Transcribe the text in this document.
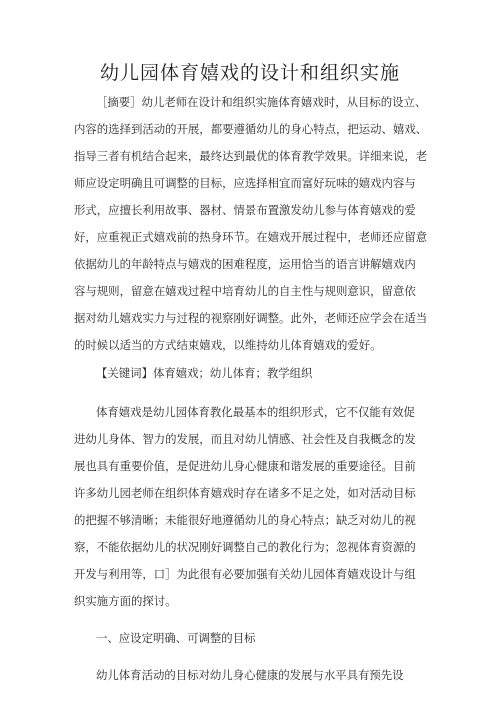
幼儿园体育嬉戏的设计和组织实施
［摘要］幼儿老师在设计和组织实施体育嬉戏时，从目标的设立、
内容的选择到活动的开展，都要遵循幼儿的身心特点，把运动、嬉戏、
指导三者有机结合起来，最终达到最优的体育教学效果。详细来说，老
师应设定明确且可调整的目标，应选择相宜而富好玩味的嬉戏内容与
形式，应擅长利用故事、器材、情景布置激发幼儿参与体育嬉戏的爱
好，应重视正式嬉戏前的热身环节。在嬉戏开展过程中，老师还应留意
依据幼儿的年龄特点与嬉戏的困难程度，运用恰当的语言讲解嬉戏内
容与规则，留意在嬉戏过程中培育幼儿的自主性与规则意识，留意依
据对幼儿嬉戏实力与过程的视察刚好调整。此外，老师还应学会在适当
的时候以适当的方式结束嬉戏，以维持幼儿体育嬉戏的爱好。
【关键词】体育嬉戏；幼儿体育；教学组织
体育嬉戏是幼儿园体育教化最基本的组织形式，它不仅能有效促
进幼儿身体、智力的发展，而且对幼儿情感、社会性及自我概念的发
展也具有重要价值，是促进幼儿身心健康和谐发展的重要途径。目前
许多幼儿园老师在组织体育嬉戏时存在诸多不足之处，如对活动目标
的把握不够清晰；未能很好地遵循幼儿的身心特点；缺乏对幼儿的视
察，不能依据幼儿的状况刚好调整自己的教化行为；忽视体育资源的
开发与利用等，口］为此很有必要加强有关幼儿园体育嬉戏设计与组
织实施方面的探讨。
一、应设定明确、可调整的目标
幼儿体育活动的目标对幼儿身心健康的发展与水平具有预先设
